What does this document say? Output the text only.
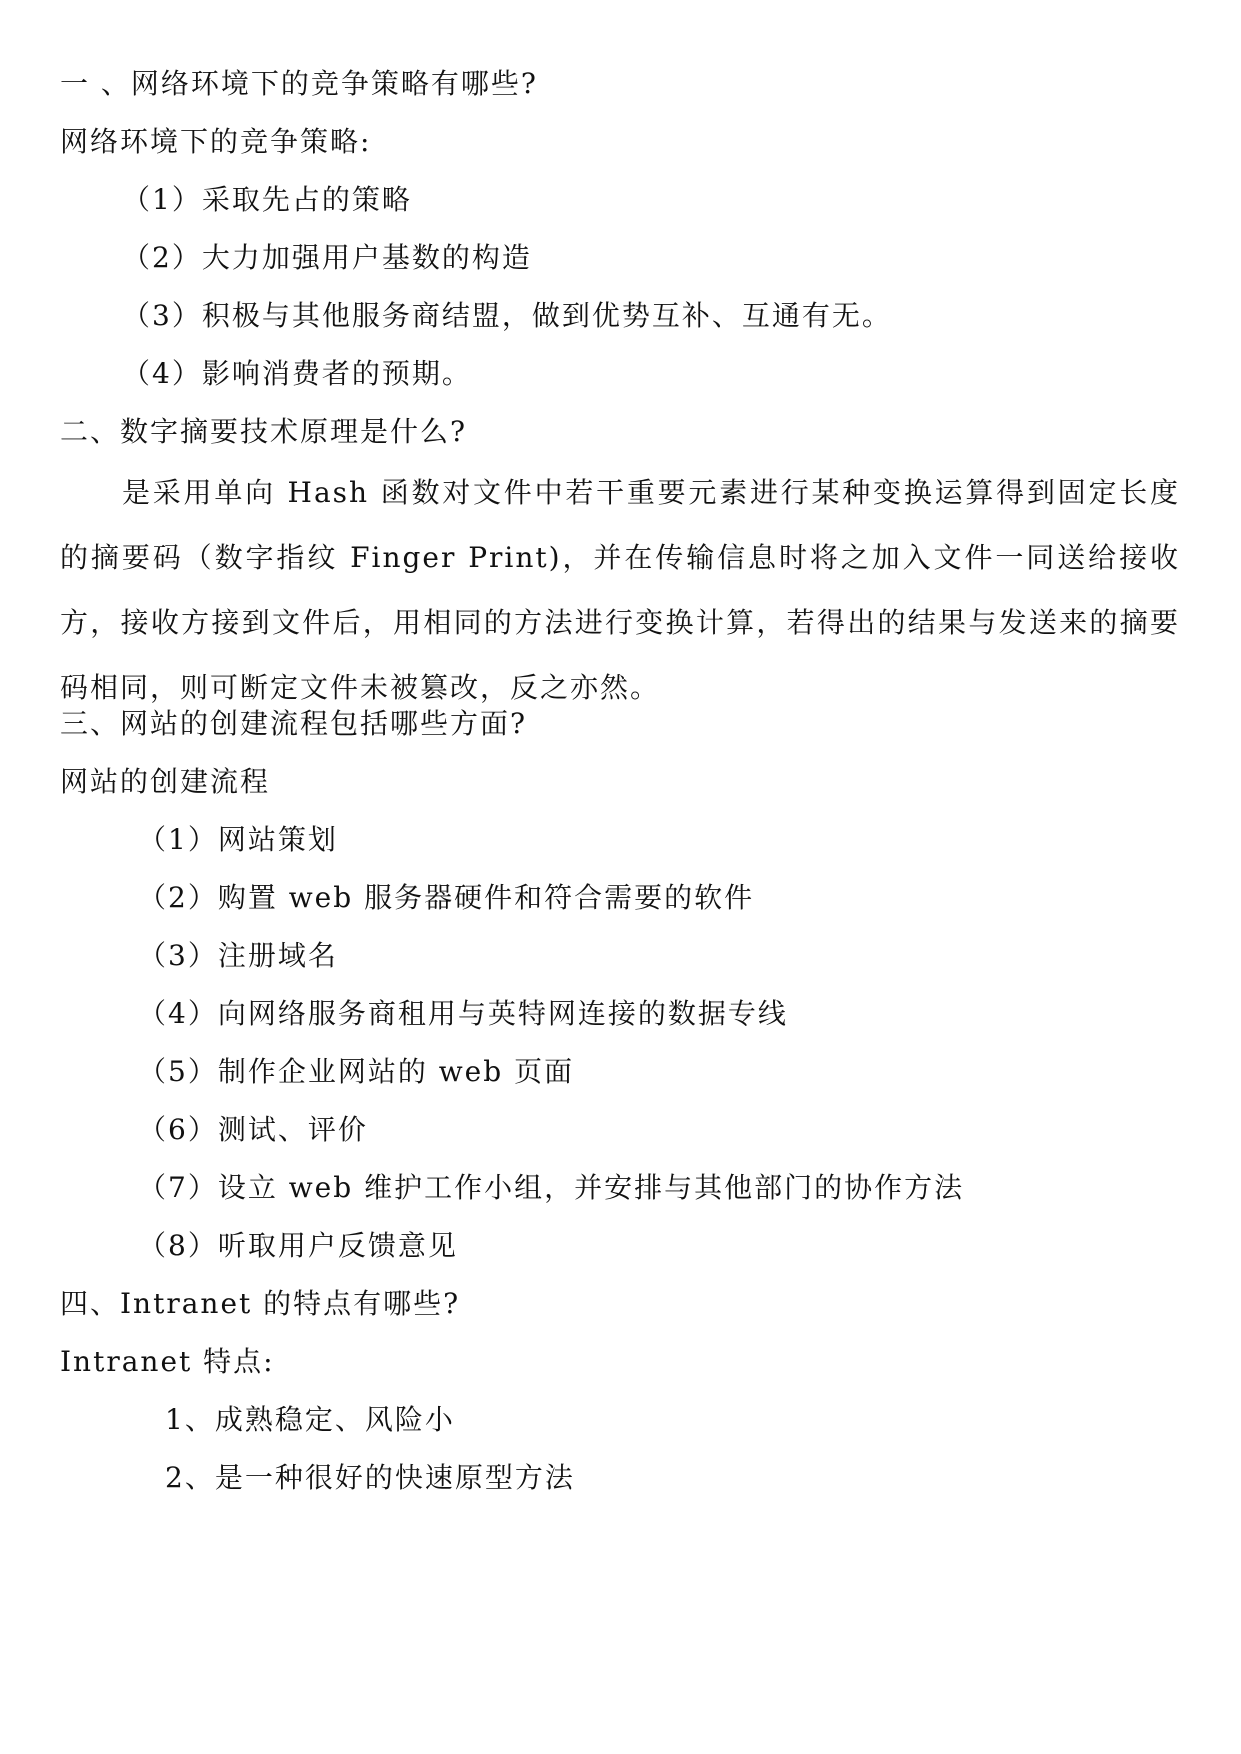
一 、网络环境下的竞争策略有哪些?
网络环境下的竞争策略:
（1）采取先占的策略
（2）大力加强用户基数的构造
（3）积极与其他服务商结盟，做到优势互补、互通有无。
（4）影响消费者的预期。
二、数字摘要技术原理是什么?
是采用单向 Hash 函数对文件中若干重要元素进行某种变换运算得到固定长度的摘要码（数字指纹 Finger Print)，并在传输信息时将之加入文件一同送给接收方，接收方接到文件后，用相同的方法进行变换计算，若得出的结果与发送来的摘要码相同，则可断定文件未被篡改，反之亦然。
三、网站的创建流程包括哪些方面?
网站的创建流程
（1）网站策划
（2）购置 web 服务器硬件和符合需要的软件
（3）注册域名
（4）向网络服务商租用与英特网连接的数据专线
（5）制作企业网站的 web 页面
（6）测试、评价
（7）设立 web 维护工作小组，并安排与其他部门的协作方法
（8）听取用户反馈意见
四、Intranet 的特点有哪些?
Intranet 特点:
1、成熟稳定、风险小
2、是一种很好的快速原型方法
